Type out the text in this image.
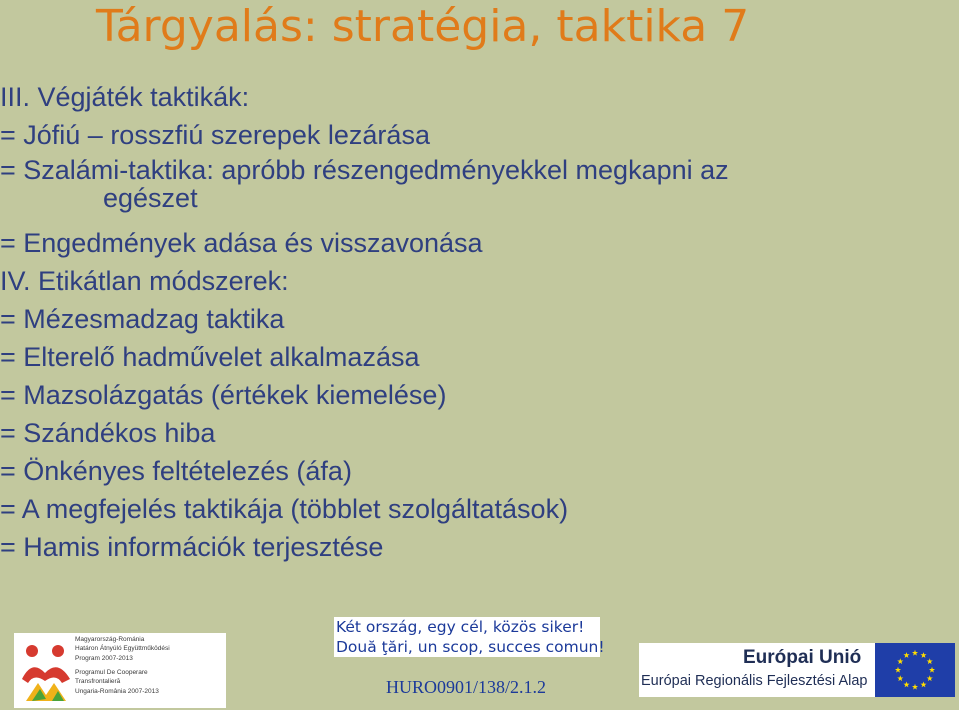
Tárgyalás: stratégia, taktika 7
III. Végjáték taktikák:
= Jófiú – rosszfiú szerepek lezárása
= Szalámi-taktika: apróbb részengedményekkel megkapni az
egészet
= Engedmények adása és visszavonása
IV. Etikátlan módszerek:
= Mézesmadzag taktika
= Elterelő hadművelet alkalmazása
= Mazsolázgatás (értékek kiemelése)
= Szándékos hiba
= Önkényes feltételezés (áfa)
= A megfejelés taktikája (többlet szolgáltatások)
= Hamis információk terjesztése
Magyarország-Románia
Határon Átnyúló Együttműködési
Program 2007-2013
Programul De Cooperare
Transfrontalieră
Ungaria-România 2007-2013
Két ország, egy cél, közös siker!
Două ţări, un scop, succes comun!
HURO0901/138/2.1.2
Európai Unió
Európai Regionális Fejlesztési Alap
